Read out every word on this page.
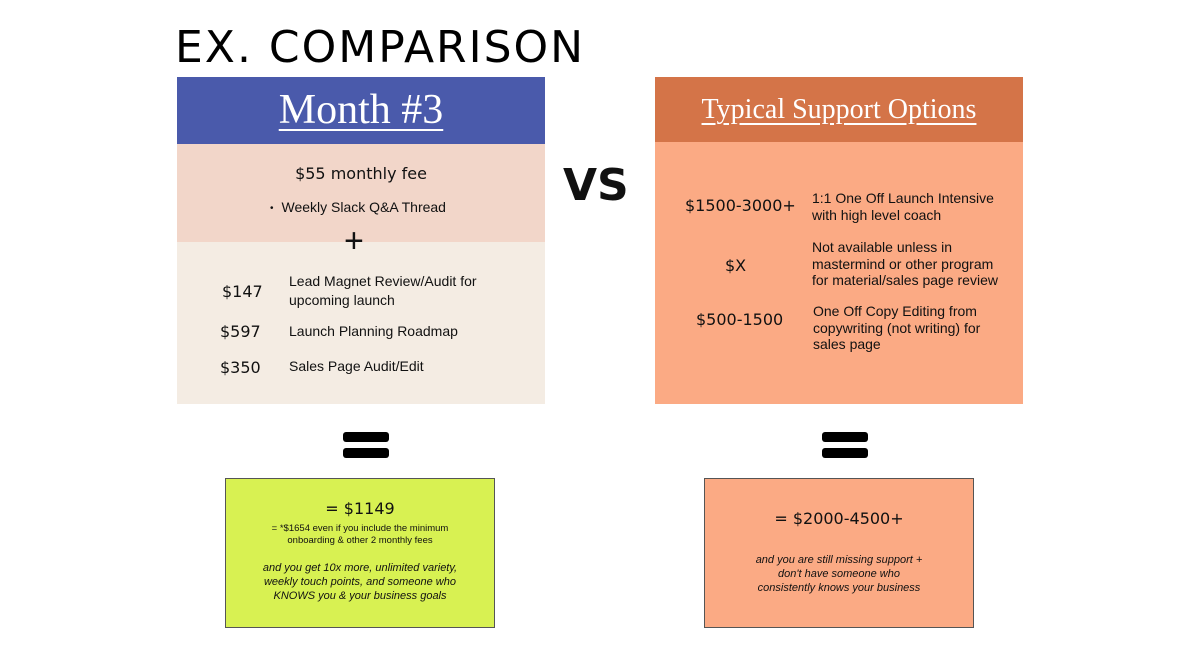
EX. COMPARISON
Month #3
$55 monthly fee
• Weekly Slack Q&A Thread
+
$147
Lead Magnet Review/Audit for upcoming launch
$597 Launch Planning Roadmap
$350 Sales Page Audit/Edit
VS
Typical Support Options
$1500-3000+ 1:1 One Off Launch Intensive with high level coach
$X
Not available unless in mastermind or other program for material/sales page review
$500-1500 One Off Copy Editing from copywriting (not writing) for sales page
= $1149
= *$1654 even if you include the minimum onboarding & other 2 monthly fees
and you get 10x more, unlimited variety, weekly touch points, and someone who KNOWS you & your business goals
= $2000-4500+
and you are still missing support + don't have someone who consistently knows your business
